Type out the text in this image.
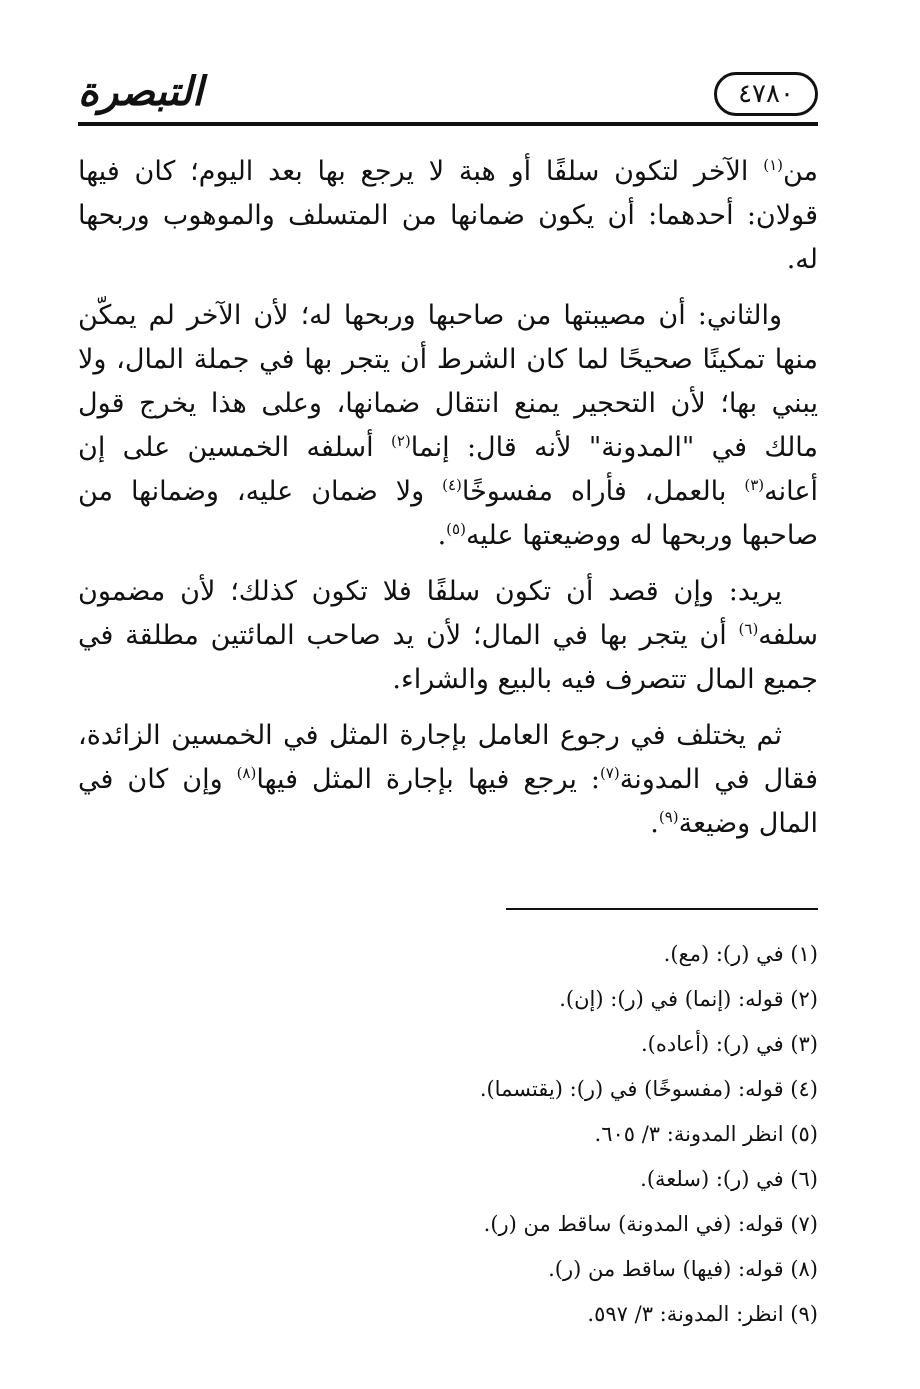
التبصرة	٤٧٨٠

من$^{(١)}$ الآخر لتكون سلفًا أو هبة لا يرجع بها بعد اليوم؛ كان فيها قولان: أحدهما: أن يكون ضمانها من المتسلف والموهوب وربحها له.

والثاني: أن مصيبتها من صاحبها وربحها له؛ لأن الآخر لم يمكّن منها تمكينًا صحيحًا لما كان الشرط أن يتجر بها في جملة المال، ولا يبني بها؛ لأن التحجير يمنع انتقال ضمانها، وعلى هذا يخرج قول مالك في "المدونة" لأنه قال: إنما$^{(٢)}$ أسلفه الخمسين على إن أعانه$^{(٣)}$ بالعمل، فأراه مفسوخًا$^{(٤)}$ ولا ضمان عليه، وضمانها من صاحبها وربحها له ووضيعتها عليه$^{(٥)}$.

يريد: وإن قصد أن تكون سلفًا فلا تكون كذلك؛ لأن مضمون سلفه$^{(٦)}$ أن يتجر بها في المال؛ لأن يد صاحب المائتين مطلقة في جميع المال تتصرف فيه بالبيع والشراء.

ثم يختلف في رجوع العامل بإجارة المثل في الخمسين الزائدة، فقال في المدونة$^{(٧)}$: يرجع فيها بإجارة المثل فيها$^{(٨)}$ وإن كان في المال وضيعة$^{(٩)}$.

(١) في (ر): (مع).
(٢) قوله: (إنما) في (ر): (إن).
(٣) في (ر): (أعاده).
(٤) قوله: (مفسوخًا) في (ر): (يقتسما).
(٥) انظر المدونة: ٣/ ٦٠٥.
(٦) في (ر): (سلعة).
(٧) قوله: (في المدونة) ساقط من (ر).
(٨) قوله: (فيها) ساقط من (ر).
(٩) انظر: المدونة: ٣/ ٥٩٧.
